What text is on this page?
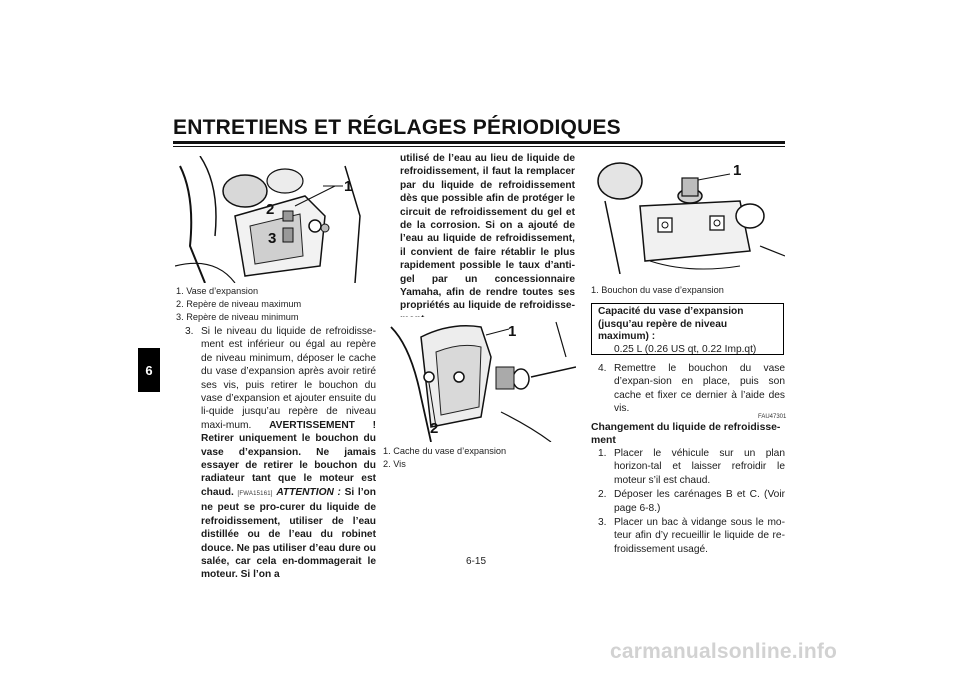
ENTRETIENS ET RÉGLAGES PÉRIODIQUES
6
1
2
3
1. Vase d’expansion
2. Repère de niveau maximum
3. Repère de niveau minimum
3. Si le niveau du liquide de refroidisse-ment est inférieur ou égal au repère de niveau minimum, déposer le cache du vase d’expansion après avoir retiré ses vis, puis retirer le bouchon du vase d’expansion et ajouter ensuite du li-quide jusqu’au repère de niveau maxi-mum. AVERTISSEMENT ! Retirer uniquement le bouchon du vase d’expansion. Ne jamais essayer de retirer le bouchon du radiateur tant que le moteur est chaud. [FWA15161] ATTENTION : Si l’on ne peut se pro-curer du liquide de refroidissement, utiliser de l’eau distillée ou de l’eau du robinet douce. Ne pas utiliser d’eau dure ou salée, car cela en-dommagerait le moteur. Si l’on a
utilisé de l’eau au lieu de liquide de refroidissement, il faut la remplacer par du liquide de refroidissement dès que possible afin de protéger le circuit de refroidissement du gel et de la corrosion. Si on a ajouté de l’eau au liquide de refroidissement, il convient de faire rétablir le plus rapidement possible le taux d’anti-gel par un concessionnaire Yamaha, afin de rendre toutes ses propriétés au liquide de refroidisse-
1
2
1. Cache du vase d’expansion
2. Vis
1
1. Bouchon du vase d’expansion
Capacité du vase d’expansion (jusqu’au repère de niveau maximum) :
0.25 L (0.26 US qt, 0.22 Imp.qt)
4. Remettre le bouchon du vase d’expan-sion en place, puis son cache et fixer ce dernier à l’aide des vis.
FAU47301
Changement du liquide de refroidisse-ment
1. Placer le véhicule sur un plan horizon-tal et laisser refroidir le moteur s’il est chaud.
2. Déposer les carénages B et C. (Voir page 6-8.)
3. Placer un bac à vidange sous le mo-teur afin d’y recueillir le liquide de re-froidissement usagé.
6-15
carmanualsonline.info
